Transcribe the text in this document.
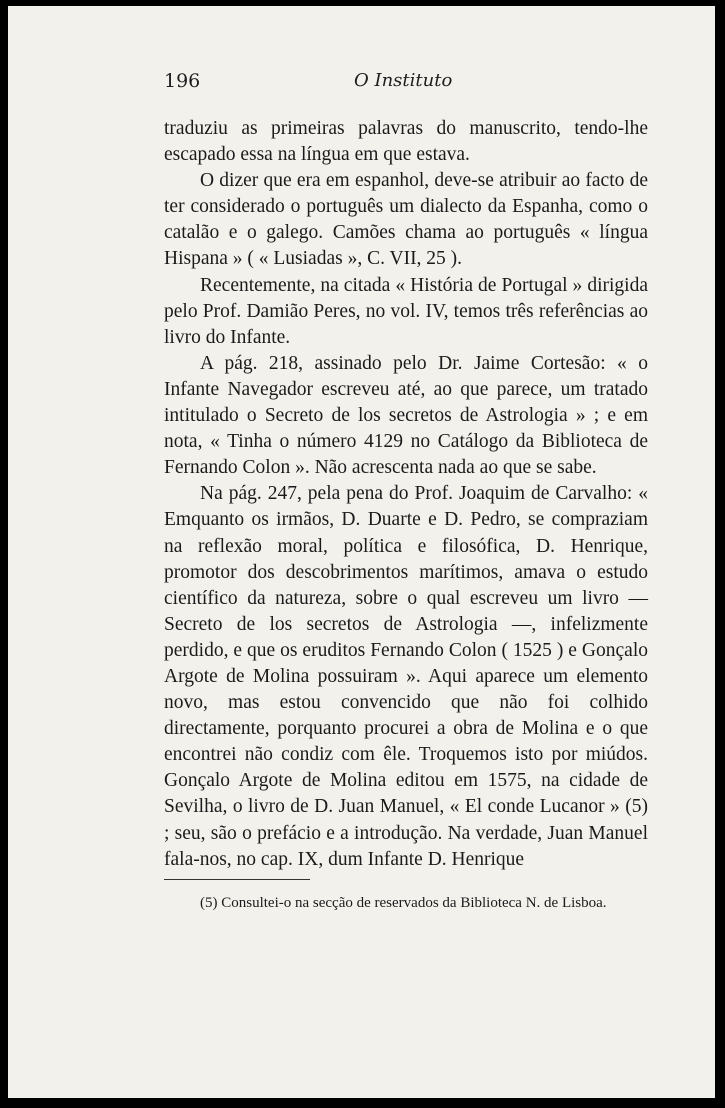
196	O Instituto

traduziu as primeiras palavras do manuscrito, tendo-lhe escapado essa na língua em que estava.

O dizer que era em espanhol, deve-se atribuir ao facto de ter considerado o português um dialecto da Espanha, como o catalão e o galego. Camões chama ao português « língua Hispana » ( « Lusiadas », C. VII, 25 ).

Recentemente, na citada « História de Portugal » dirigida pelo Prof. Damião Peres, no vol. IV, temos três referências ao livro do Infante.

A pág. 218, assinado pelo Dr. Jaime Cortesão: « o Infante Navegador escreveu até, ao que parece, um tratado intitulado o Secreto de los secretos de Astrologia » ; e em nota, « Tinha o número 4129 no Catálogo da Biblioteca de Fernando Colon ». Não acrescenta nada ao que se sabe.

Na pág. 247, pela pena do Prof. Joaquim de Carvalho: « Emquanto os irmãos, D. Duarte e D. Pedro, se compraziam na reflexão moral, política e filosófica, D. Henrique, promotor dos descobrimentos marítimos, amava o estudo científico da natureza, sobre o qual escreveu um livro — Secreto de los secretos de Astrologia —, infelizmente perdido, e que os eruditos Fernando Colon ( 1525 ) e Gonçalo Argote de Molina possuiram ». Aqui aparece um elemento novo, mas estou convencido que não foi colhido directamente, porquanto procurei a obra de Molina e o que encontrei não condiz com êle. Troquemos isto por miúdos. Gonçalo Argote de Molina editou em 1575, na cidade de Sevilha, o livro de D. Juan Manuel, « El conde Lucanor » (5) ; seu, são o prefácio e a introdução. Na verdade, Juan Manuel fala-nos, no cap. IX, dum Infante D. Henrique

(5) Consultei-o na secção de reservados da Biblioteca N. de Lisboa.
